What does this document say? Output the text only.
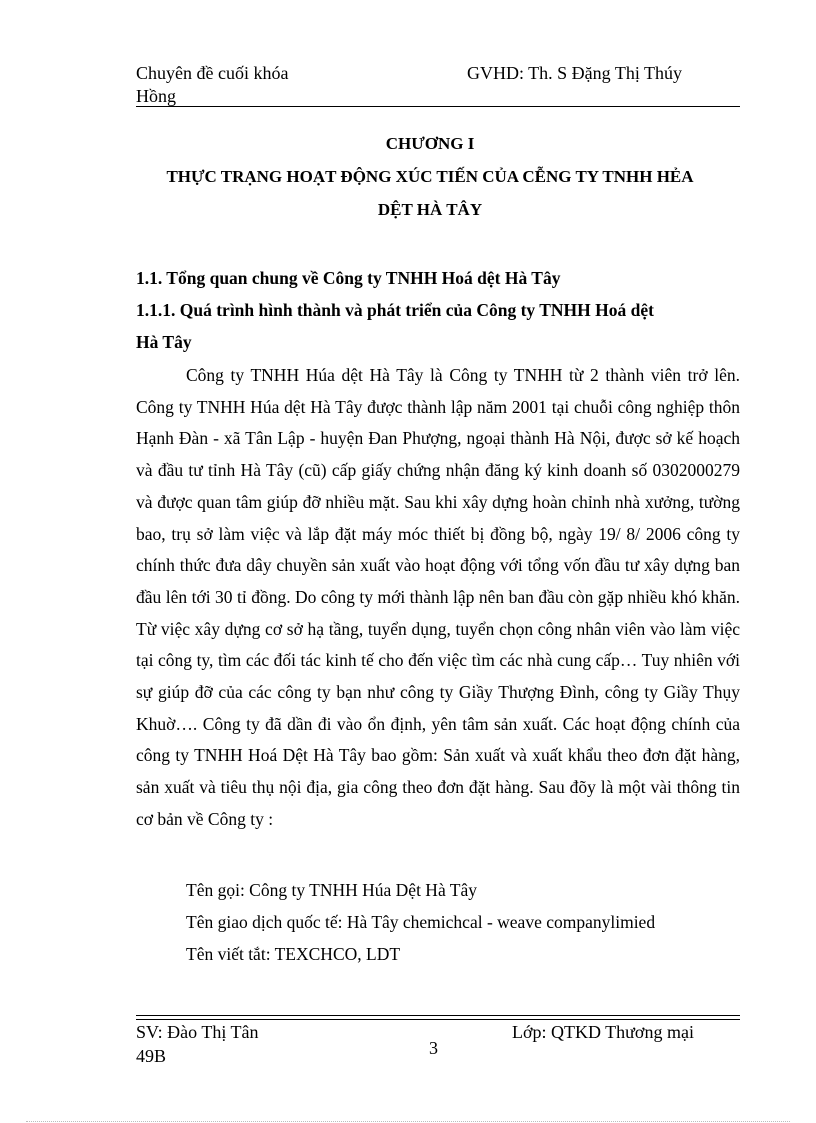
Chuyên đề cuối khóa
Hồng
GVHD: Th. S Đặng Thị Thúy
CHƯƠNG I
THỰC TRẠNG HOẠT ĐỘNG XÚC TIẾN CỦA CỄNG TY TNHH HẺA
DỆT HÀ TÂY
1.1. Tổng quan chung về Công ty TNHH Hoá dệt Hà Tây
1.1.1. Quá trình hình thành và phát triển của Công ty TNHH Hoá dệt
Hà Tây
Công ty TNHH Húa dệt Hà Tây là Công ty TNHH từ 2 thành viên trở lên. Công ty TNHH Húa dệt Hà Tây được thành lập năm 2001 tại chuỗi công nghiệp thôn Hạnh Đàn - xã Tân Lập - huyện Đan Phượng, ngoại thành Hà Nội, được sở kế hoạch và đầu tư tỉnh Hà Tây (cũ) cấp giấy chứng nhận đăng ký kinh doanh số 0302000279 và được quan tâm giúp đỡ nhiều mặt. Sau khi xây dựng hoàn chỉnh nhà xưởng, tường bao, trụ sở làm việc và lắp đặt máy móc thiết bị đồng bộ, ngày 19/ 8/ 2006 công ty chính thức đưa dây chuyền sản xuất vào hoạt động với tổng vốn đầu tư xây dựng ban đầu lên tới 30 tỉ đồng. Do công ty mới thành lập nên ban đầu còn gặp nhiều khó khăn. Từ việc xây dựng cơ sở hạ tầng, tuyển dụng, tuyển chọn công nhân viên vào làm việc tại công ty, tìm các đối tác kinh tế cho đến việc tìm các nhà cung cấp… Tuy nhiên với sự giúp đỡ của các công ty bạn như công ty Giầy Thượng Đình, công ty Giầy Thụy Khuờ…. Công ty đã dần đi vào ổn định, yên tâm sản xuất. Các hoạt động chính của công ty TNHH Hoá Dệt Hà Tây bao gồm: Sản xuất và xuất khẩu theo đơn đặt hàng, sản xuất và tiêu thụ nội địa, gia công theo đơn đặt hàng. Sau đõy là một vài thông tin cơ bản về Công ty :
Tên gọi: Công ty TNHH Húa Dệt Hà Tây
Tên giao dịch quốc tế: Hà Tây chemichcal - weave companylimied
Tên viết tắt: TEXCHCO, LDT
SV: Đào Thị Tân
49B	3
Lớp: QTKD Thương mại
